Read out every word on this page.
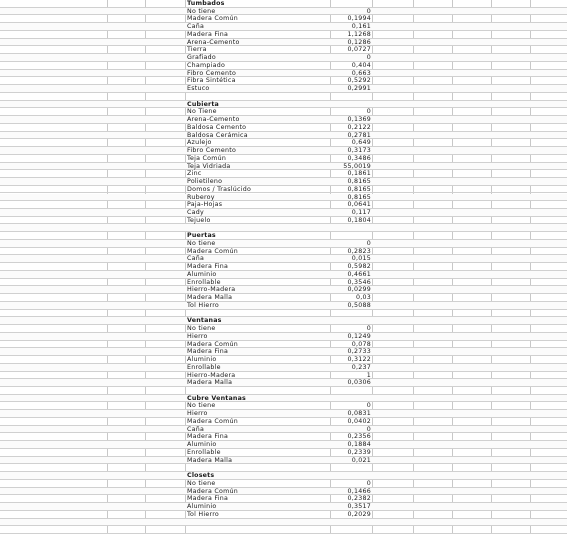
Tumbados
No tiene	0
Madera Común	0,1994
Caña	0,161
Madera Fina	1,1268
Arena-Cemento	0,1286
Tierra	0,0727
Grafiado	0
Champiado	0,404
Fibro Cemento	0,663
Fibra Sintética	0,5292
Estuco	0,2991
Cubierta
No Tiene	0
Arena-Cemento	0,1369
Baldosa Cemento	0,2122
Baldosa Cerámica	0,2781
Azulejo	0,649
Fibro Cemento	0,3173
Teja Común	0,3486
Teja Vidriada	55,0019
Zinc	0,1861
Polietileno	0,8165
Domos / Traslúcido	0,8165
Ruberoy	0,8165
Paja-Hojas	0,0641
Cady	0,117
Tejuelo	0,1804
Puertas
No tiene	0
Madera Común	0,2823
Caña	0,015
Madera Fina	0,5982
Aluminio	0,4661
Enrollable	0,3546
Hierro-Madera	0,0299
Madera Malla	0,03
Tol Hierro	0,5088
Ventanas
No tiene	0
Hierro	0,1249
Madera Común	0,078
Madera Fina	0,2733
Aluminio	0,3122
Enrollable	0,237
Hierro-Madera	1
Madera Malla	0,0306
Cubre Ventanas
No tiene	0
Hierro	0,0831
Madera Común	0,0402
Caña	0
Madera Fina	0,2356
Aluminio	0,1884
Enrollable	0,2339
Madera Malla	0,021
Closets
No tiene	0
Madera Común	0,1466
Madera Fina	0,2382
Aluminio	0,3517
Tol Hierro	0,2029
